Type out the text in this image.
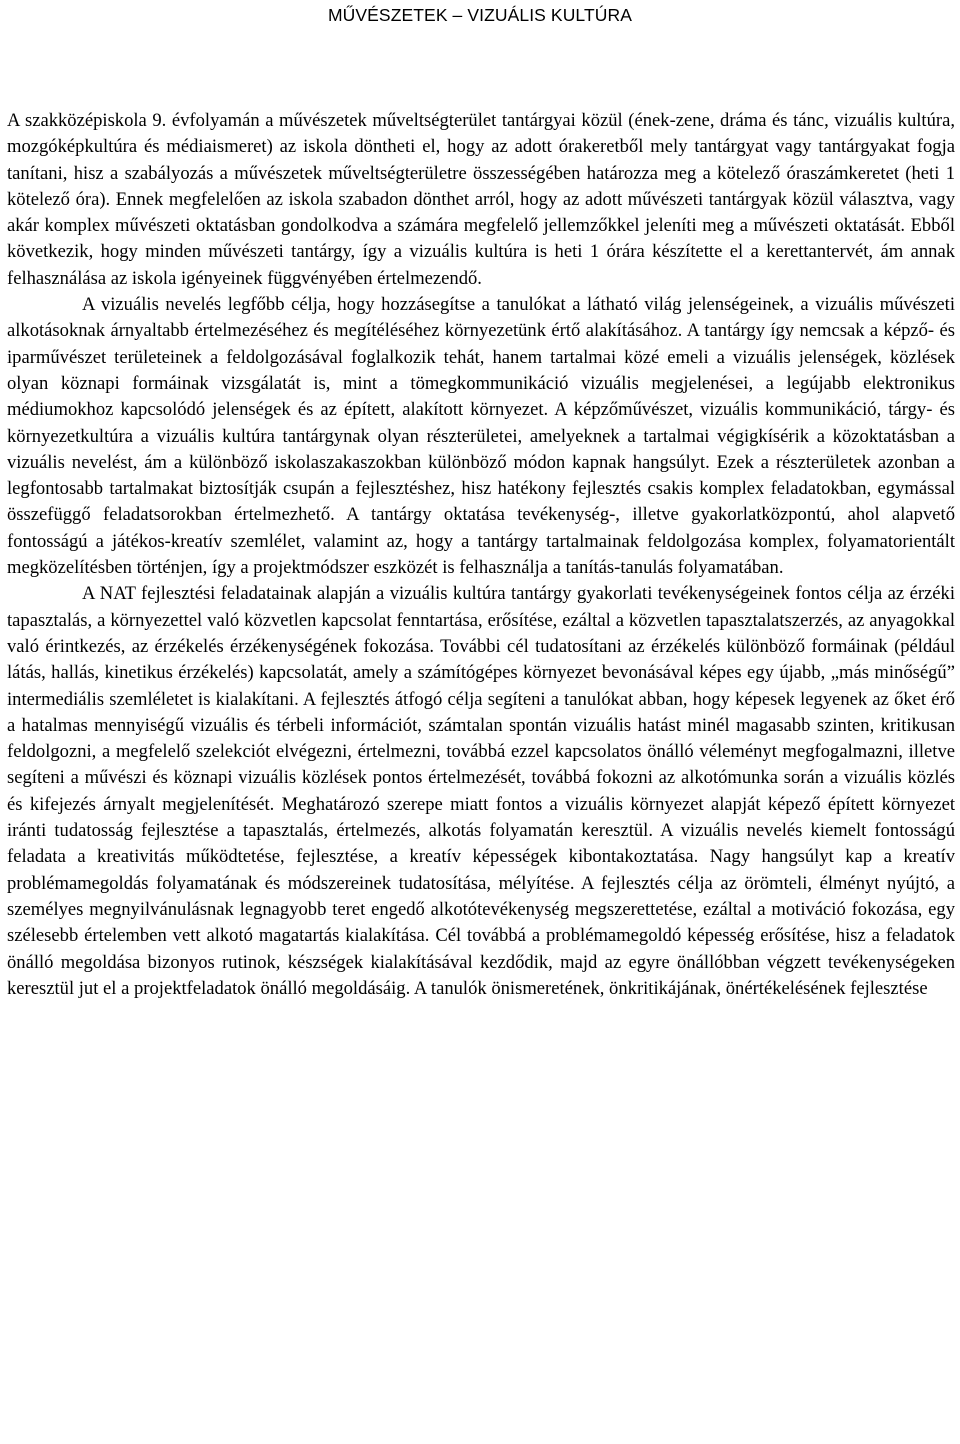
MŰVÉSZETEK – VIZUÁLIS KULTÚRA

A szakközépiskola 9. évfolyamán a művészetek műveltségterület tantárgyai közül (ének-zene, dráma és tánc, vizuális kultúra, mozgóképkultúra és médiaismeret) az iskola döntheti el, hogy az adott órakeretből mely tantárgyat vagy tantárgyakat fogja tanítani, hisz a szabályozás a művészetek műveltségterületre összességében határozza meg a kötelező óraszámkeretet (heti 1 kötelező óra). Ennek megfelelően az iskola szabadon dönthet arról, hogy az adott művészeti tantárgyak közül választva, vagy akár komplex művészeti oktatásban gondolkodva a számára megfelelő jellemzőkkel jeleníti meg a művészeti oktatását. Ebből következik, hogy minden művészeti tantárgy, így a vizuális kultúra is heti 1 órára készítette el a kerettantervét, ám annak felhasználása az iskola igényeinek függvényében értelmezendő.

A vizuális nevelés legfőbb célja, hogy hozzásegítse a tanulókat a látható világ jelenségeinek, a vizuális művészeti alkotásoknak árnyaltabb értelmezéséhez és megítéléséhez környezetünk értő alakításához. A tantárgy így nemcsak a képző- és iparművészet területeinek a feldolgozásával foglalkozik tehát, hanem tartalmai közé emeli a vizuális jelenségek, közlések olyan köznapi formáinak vizsgálatát is, mint a tömegkommunikáció vizuális megjelenései, a legújabb elektronikus médiumokhoz kapcsolódó jelenségek és az épített, alakított környezet. A képzőművészet, vizuális kommunikáció, tárgy- és környezetkultúra a vizuális kultúra tantárgynak olyan részterületei, amelyeknek a tartalmai végigkísérik a közoktatásban a vizuális nevelést, ám a különböző iskolaszakaszokban különböző módon kapnak hangsúlyt. Ezek a részterületek azonban a legfontosabb tartalmakat biztosítják csupán a fejlesztéshez, hisz hatékony fejlesztés csakis komplex feladatokban, egymással összefüggő feladatsorokban értelmezhető. A tantárgy oktatása tevékenység-, illetve gyakorlatközpontú, ahol alapvető fontosságú a játékos-kreatív szemlélet, valamint az, hogy a tantárgy tartalmainak feldolgozása komplex, folyamatorientált megközelítésben történjen, így a projektmódszer eszközét is felhasználja a tanítás-tanulás folyamatában.

A NAT fejlesztési feladatainak alapján a vizuális kultúra tantárgy gyakorlati tevékenységeinek fontos célja az érzéki tapasztalás, a környezettel való közvetlen kapcsolat fenntartása, erősítése, ezáltal a közvetlen tapasztalatszerzés, az anyagokkal való érintkezés, az érzékelés érzékenységének fokozása. További cél tudatosítani az érzékelés különböző formáinak (például látás, hallás, kinetikus érzékelés) kapcsolatát, amely a számítógépes környezet bevonásával képes egy újabb, „más minőségű” intermediális szemléletet is kialakítani. A fejlesztés átfogó célja segíteni a tanulókat abban, hogy képesek legyenek az őket érő a hatalmas mennyiségű vizuális és térbeli információt, számtalan spontán vizuális hatást minél magasabb szinten, kritikusan feldolgozni, a megfelelő szelekciót elvégezni, értelmezni, továbbá ezzel kapcsolatos önálló véleményt megfogalmazni, illetve segíteni a művészi és köznapi vizuális közlések pontos értelmezését, továbbá fokozni az alkotómunka során a vizuális közlés és kifejezés árnyalt megjelenítését. Meghatározó szerepe miatt fontos a vizuális környezet alapját képező épített környezet iránti tudatosság fejlesztése a tapasztalás, értelmezés, alkotás folyamatán keresztül. A vizuális nevelés kiemelt fontosságú feladata a kreativitás működtetése, fejlesztése, a kreatív képességek kibontakoztatása. Nagy hangsúlyt kap a kreatív problémamegoldás folyamatának és módszereinek tudatosítása, mélyítése. A fejlesztés célja az örömteli, élményt nyújtó, a személyes megnyilvánulásnak legnagyobb teret engedő alkotótevékenység megszerettetése, ezáltal a motiváció fokozása, egy szélesebb értelemben vett alkotó magatartás kialakítása. Cél továbbá a problémamegoldó képesség erősítése, hisz a feladatok önálló megoldása bizonyos rutinok, készségek kialakításával kezdődik, majd az egyre önállóbban végzett tevékenységeken keresztül jut el a projektfeladatok önálló megoldásáig. A tanulók önismeretének, önkritikájának, önértékelésének fejlesztése
